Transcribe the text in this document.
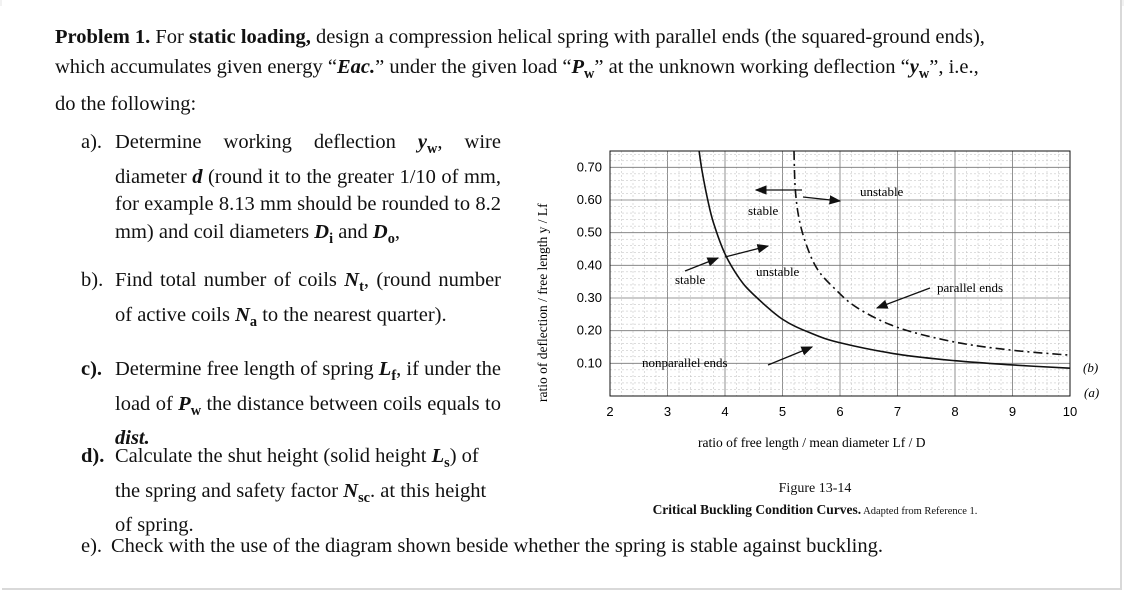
Problem 1. For static loading, design a compression helical spring with parallel ends (the squared-ground ends),
which accumulates given energy “Eac.” under the given load “$P_w$” at the unknown working deflection “$y_w$”, i.e.,
do the following:
a). Determine working deflection $y_w$, wire diameter d (round it to the greater 1/10 of mm, for example 8.13 mm should be rounded to 8.2 mm) and coil diameters $D_i$ and $D_o$,
b). Find total number of coils $N_t$, (round number of active coils $N_a$ to the nearest quarter).
c). Determine free length of spring $L_f$, if under the load of $P_w$ the distance between coils equals to dist.
d). Calculate the shut height (solid height $L_s$) of the spring and safety factor $N_{sc}$. at this height of spring.
e). Check with the use of the diagram shown beside whether the spring is stable against buckling.
2	3	4	5	6	7	8	9	10
0.10
0.20
0.30
0.40
0.50
0.60
0.70
stable
unstable
stable
unstable
parallel ends
nonparallel ends	(b)
(a)
ratio of free length / mean diameter Lf / D
ratio of deflection / free length y / Lf
Figure 13-14
Critical Buckling Condition Curves. Adapted from Reference 1.
